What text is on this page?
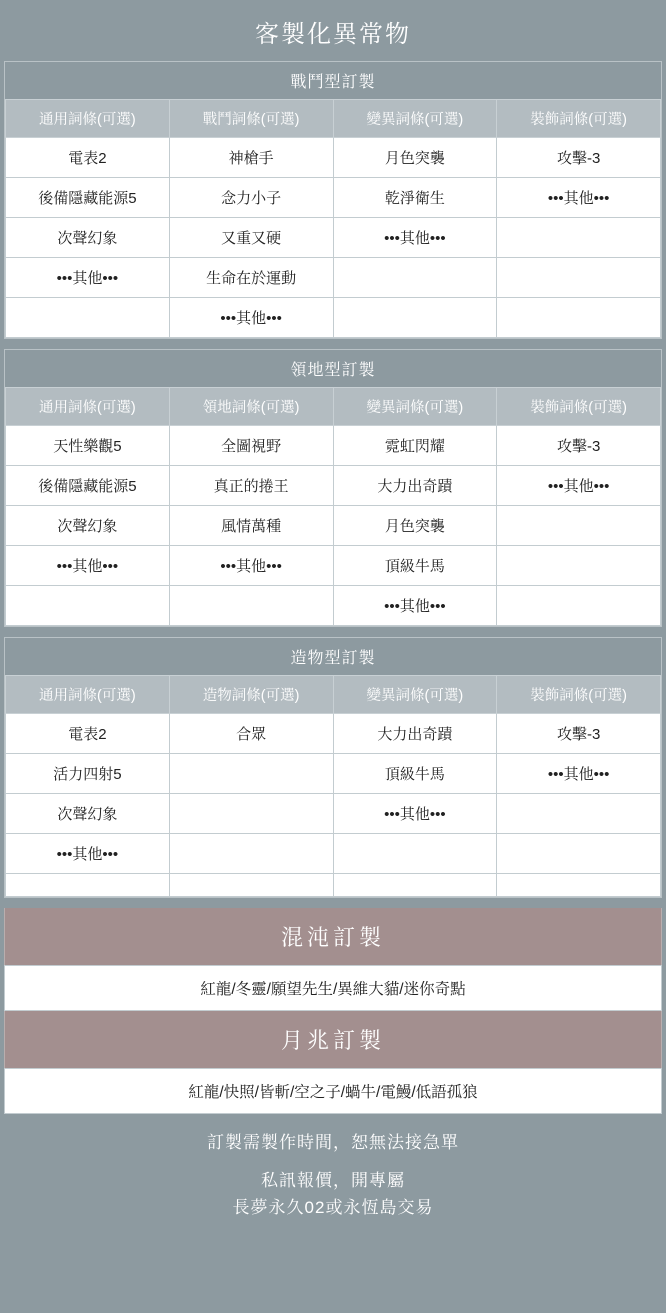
客製化異常物
戰鬥型訂製
通用詞條(可選)	戰鬥詞條(可選)	變異詞條(可選)	裝飾詞條(可選)
電表2	神槍手	月色突襲	攻擊-3
後備隱藏能源5	念力小子	乾淨衛生	•••其他•••
次聲幻象	又重又硬	•••其他•••	
•••其他•••	生命在於運動		
	•••其他•••		
領地型訂製
通用詞條(可選)	領地詞條(可選)	變異詞條(可選)	裝飾詞條(可選)
天性樂觀5	全圖視野	霓虹閃耀	攻擊-3
後備隱藏能源5	真正的捲王	大力出奇蹟	•••其他•••
次聲幻象	風情萬種	月色突襲	
•••其他•••	•••其他•••	頂級牛馬	
		•••其他•••	
造物型訂製
通用詞條(可選)	造物詞條(可選)	變異詞條(可選)	裝飾詞條(可選)
電表2	合眾	大力出奇蹟	攻擊-3
活力四射5		頂級牛馬	•••其他•••
次聲幻象		•••其他•••	
•••其他•••			

混沌訂製
紅龍/冬靈/願望先生/異維大貓/迷你奇點
月兆訂製
紅龍/快照/皆斬/空之子/蝸牛/電鰻/低語孤狼
訂製需製作時間，恕無法接急單
私訊報價，開專屬
長夢永久02或永恆島交易
